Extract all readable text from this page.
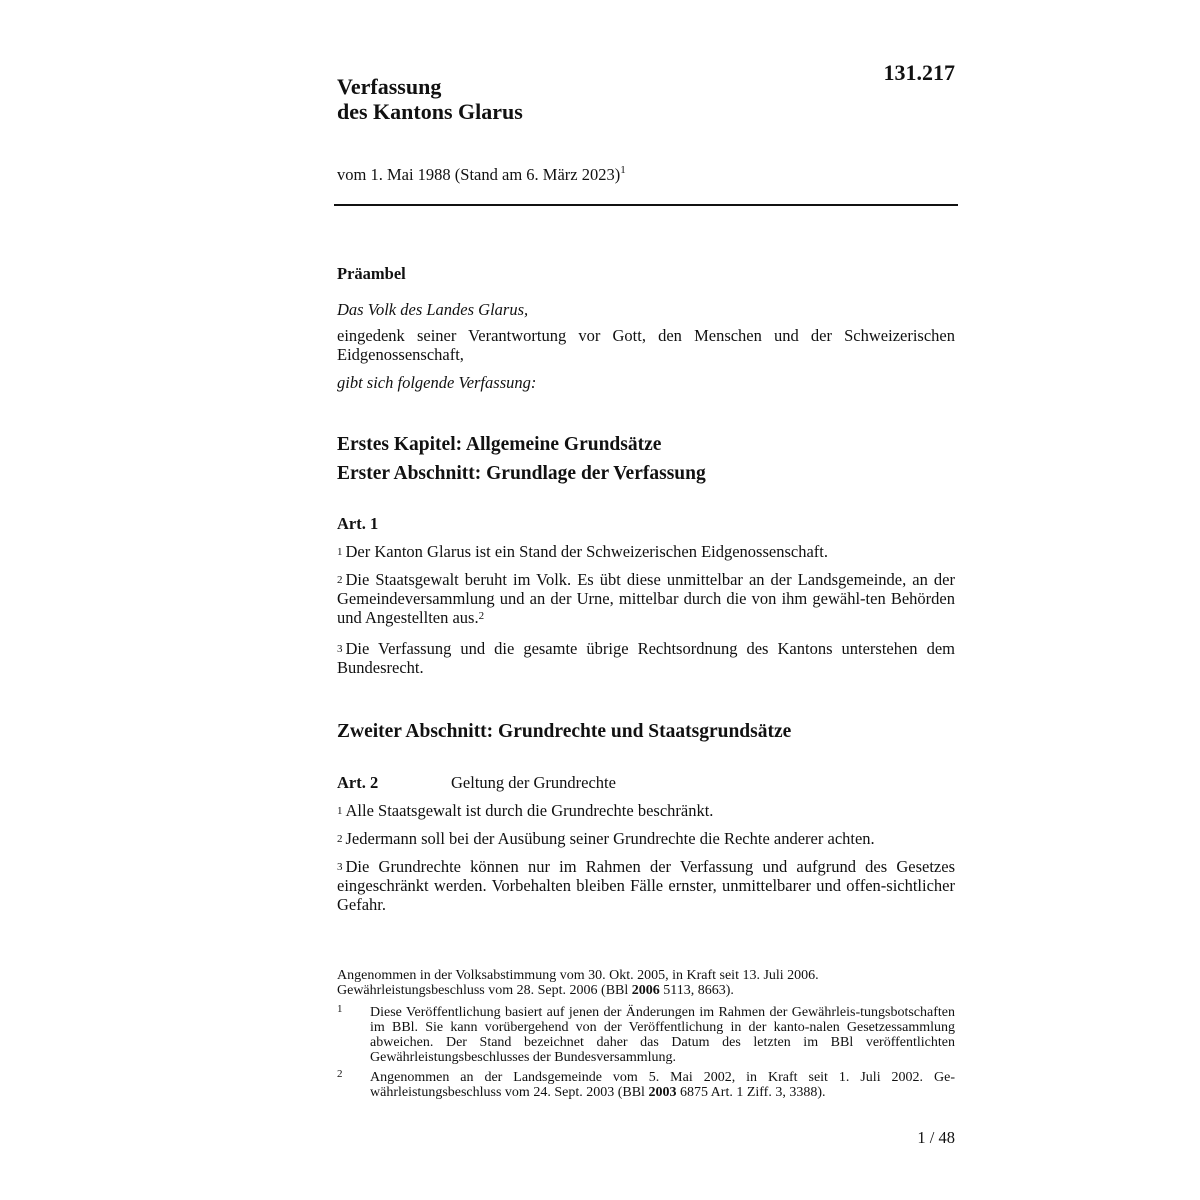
131.217
Verfassung
des Kantons Glarus
vom 1. Mai 1988 (Stand am 6. März 2023)$^1$
Präambel
Das Volk des Landes Glarus,
eingedenk seiner Verantwortung vor Gott, den Menschen und der Schweizerischen Eidgenossenschaft,
gibt sich folgende Verfassung:
Erstes Kapitel: Allgemeine Grundsätze
Erster Abschnitt: Grundlage der Verfassung
Art. 1
$^1$ Der Kanton Glarus ist ein Stand der Schweizerischen Eidgenossenschaft.
$^2$ Die Staatsgewalt beruht im Volk. Es übt diese unmittelbar an der Landsgemeinde, an der Gemeindeversammlung und an der Urne, mittelbar durch die von ihm gewähl-ten Behörden und Angestellten aus.$^2$
$^3$ Die Verfassung und die gesamte übrige Rechtsordnung des Kantons unterstehen dem Bundesrecht.
Zweiter Abschnitt: Grundrechte und Staatsgrundsätze
Art. 2	Geltung der Grundrechte
$^1$ Alle Staatsgewalt ist durch die Grundrechte beschränkt.
$^2$ Jedermann soll bei der Ausübung seiner Grundrechte die Rechte anderer achten.
$^3$ Die Grundrechte können nur im Rahmen der Verfassung und aufgrund des Gesetzes eingeschränkt werden. Vorbehalten bleiben Fälle ernster, unmittelbarer und offen-sichtlicher Gefahr.
Angenommen in der Volksabstimmung vom 30. Okt. 2005, in Kraft seit 13. Juli 2006. Gewährleistungsbeschluss vom 28. Sept. 2006 (BBl 2006 5113, 8663).
1 Diese Veröffentlichung basiert auf jenen der Änderungen im Rahmen der Gewährleis-tungsbotschaften im BBl. Sie kann vorübergehend von der Veröffentlichung in der kanto-nalen Gesetzessammlung abweichen. Der Stand bezeichnet daher das Datum des letzten im BBl veröffentlichten Gewährleistungsbeschlusses der Bundesversammlung.
2 Angenommen an der Landsgemeinde vom 5. Mai 2002, in Kraft seit 1. Juli 2002. Ge-währleistungsbeschluss vom 24. Sept. 2003 (BBl 2003 6875 Art. 1 Ziff. 3, 3388).
1 / 48
